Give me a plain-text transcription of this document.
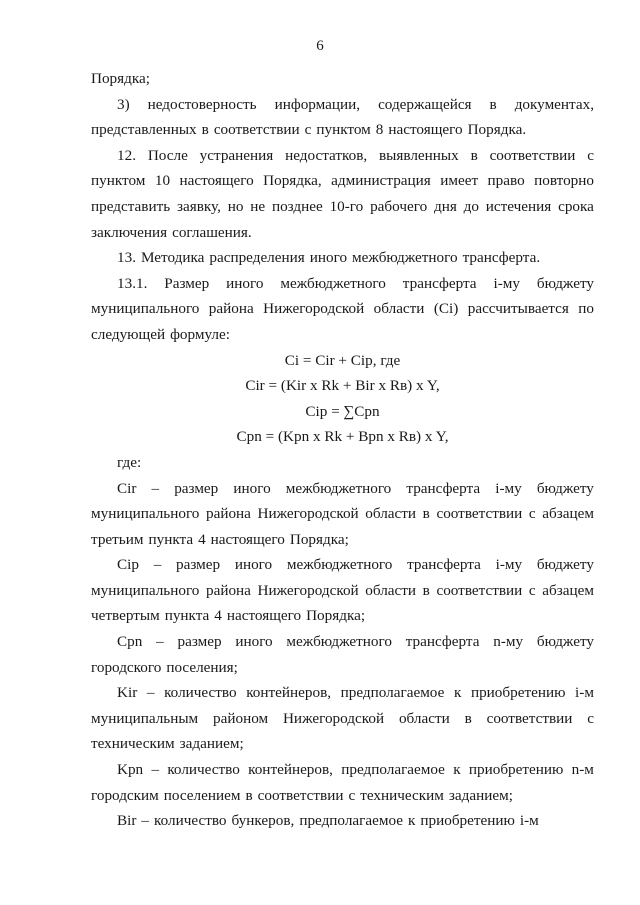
6
Порядка;
3) недостоверность информации, содержащейся в документах,
представленных в соответствии с пунктом 8 настоящего Порядка.
12. После устранения недостатков, выявленных в соответствии с
пунктом 10 настоящего Порядка, администрация имеет право повторно
представить заявку, но не позднее 10-го рабочего дня до истечения срока
заключения соглашения.
13. Методика распределения иного межбюджетного трансферта.
13.1. Размер иного межбюджетного трансферта i-му бюджету
муниципального района Нижегородской области (Ci) рассчитывается по
следующей формуле:
Ci = Cir + Cip, где
Cir = (Kir x Rk + Bir x Rв) x Y,
Cip = ∑Cpn
Cpn = (Kpn x Rk + Bpn x Rв) x Y,
где:
Cir – размер иного межбюджетного трансферта i-му бюджету
муниципального района Нижегородской области в соответствии с абзацем
третьим пункта 4 настоящего Порядка;
Cip – размер иного межбюджетного трансферта i-му бюджету
муниципального района Нижегородской области в соответствии с абзацем
четвертым пункта 4 настоящего Порядка;
Cpn – размер иного межбюджетного трансферта n-му бюджету
городского поселения;
Kir – количество контейнеров, предполагаемое к приобретению i-м
муниципальным районом Нижегородской области в соответствии с
техническим заданием;
Kpn – количество контейнеров, предполагаемое к приобретению n-м
городским поселением в соответствии с техническим заданием;
Bir – количество бункеров, предполагаемое к приобретению i-м
